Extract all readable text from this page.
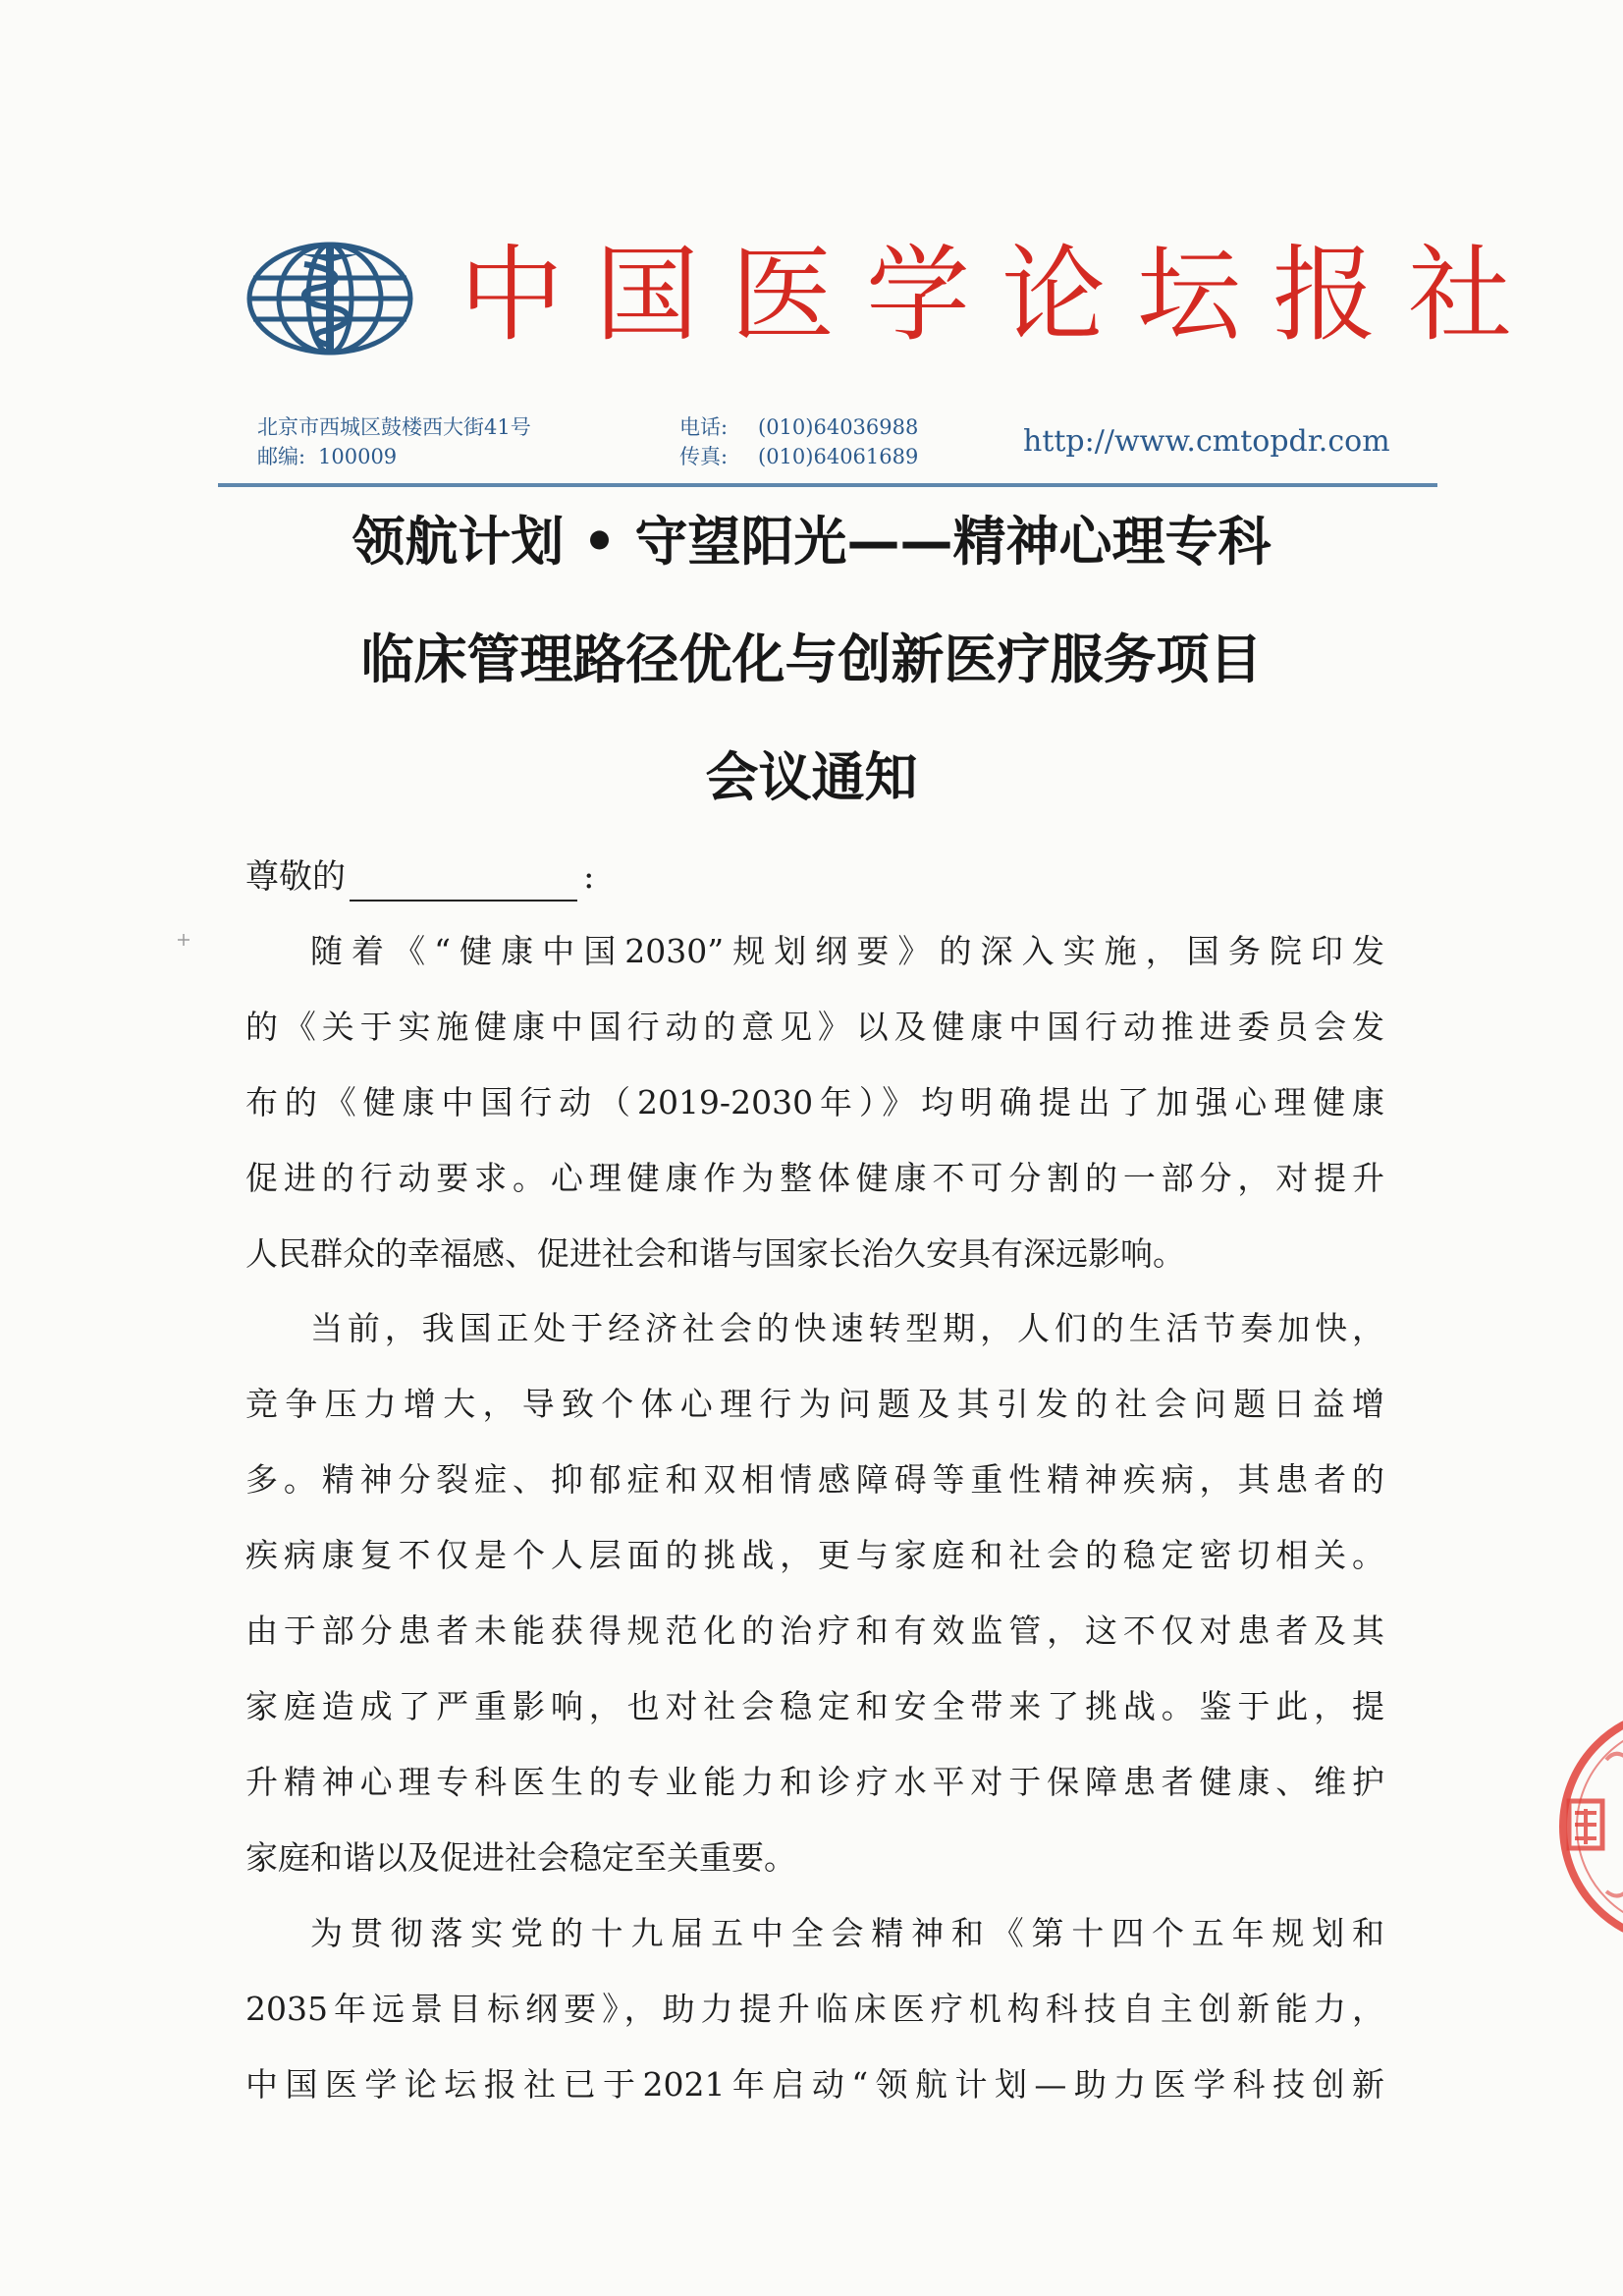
中国医学论坛报社
北京市西城区鼓楼西大街41号
邮编: 100009
电话: (010)64036988
传真: (010)64061689	http://www.cmtopdr.com
领航计划 • 守望阳光——精神心理专科
临床管理路径优化与创新医疗服务项目
会议通知
尊敬的	:
随着《“健康中国2030”规划纲要》的深入实施，国务院印发
的《关于实施健康中国行动的意见》以及健康中国行动推进委员会发
布的《健康中国行动（2019-2030年）》均明确提出了加强心理健康
促进的行动要求。心理健康作为整体健康不可分割的一部分，对提升
人民群众的幸福感、促进社会和谐与国家长治久安具有深远影响。
当前，我国正处于经济社会的快速转型期，人们的生活节奏加快，
竞争压力增大，导致个体心理行为问题及其引发的社会问题日益增
多。精神分裂症、抑郁症和双相情感障碍等重性精神疾病，其患者的
疾病康复不仅是个人层面的挑战，更与家庭和社会的稳定密切相关。
由于部分患者未能获得规范化的治疗和有效监管，这不仅对患者及其
家庭造成了严重影响，也对社会稳定和安全带来了挑战。鉴于此，提
升精神心理专科医生的专业能力和诊疗水平对于保障患者健康、维护
家庭和谐以及促进社会稳定至关重要。
为贯彻落实党的十九届五中全会精神和《第十四个五年规划和
2035年远景目标纲要》，助力提升临床医疗机构科技自主创新能力，
中国医学论坛报社已于2021年启动“领航计划—助力医学科技创新
